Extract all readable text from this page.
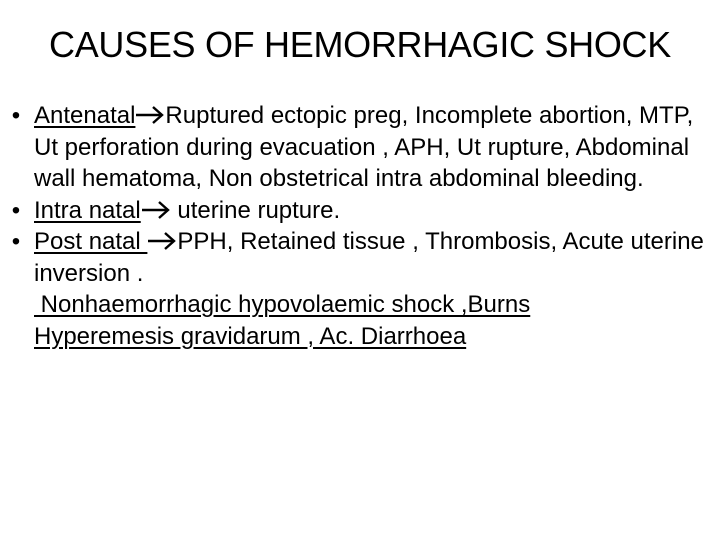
CAUSES OF HEMORRHAGIC SHOCK
• Antenatal Ruptured ectopic preg, Incomplete abortion, MTP, Ut perforation during evacuation , APH, Ut rupture, Abdominal wall hematoma, Non obstetrical intra abdominal bleeding.
• Intra natal
uterine rupture.
• Post natal
PPH, Retained tissue , Thrombosis, Acute uterine inversion .
Nonhaemorrhagic hypovolaemic shock ,Burns
Hyperemesis gravidarum , Ac. Diarrhoea
